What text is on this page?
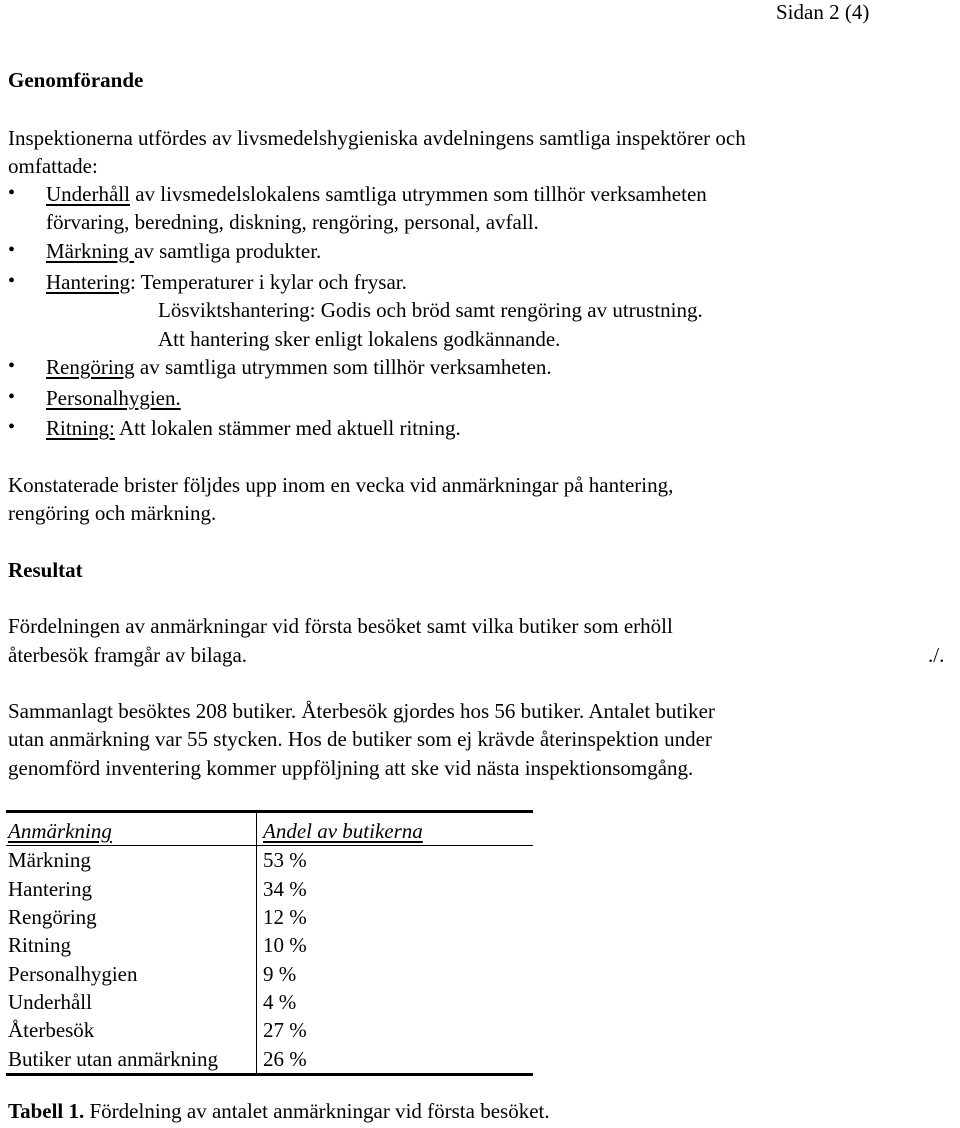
Sidan 2 (4)
Genomförande
Inspektionerna utfördes av livsmedelshygieniska avdelningens samtliga inspektörer och
omfattade:
• Underhåll av livsmedelslokalens samtliga utrymmen som tillhör verksamheten
förvaring, beredning, diskning, rengöring, personal, avfall.
• Märkning av samtliga produkter.
• Hantering: Temperaturer i kylar och frysar.
Lösviktshantering: Godis och bröd samt rengöring av utrustning.
Att hantering sker enligt lokalens godkännande.
• Rengöring av samtliga utrymmen som tillhör verksamheten.
• Personalhygien.
• Ritning: Att lokalen stämmer med aktuell ritning.
Konstaterade brister följdes upp inom en vecka vid anmärkningar på hantering,
rengöring och märkning.
Resultat
Fördelningen av anmärkningar vid första besöket samt vilka butiker som erhöll
återbesök framgår av bilaga.	./.
Sammanlagt besöktes 208 butiker. Återbesök gjordes hos 56 butiker. Antalet butiker
utan anmärkning var 55 stycken. Hos de butiker som ej krävde återinspektion under
genomförd inventering kommer uppföljning att ske vid nästa inspektionsomgång.
Anmärkning	Andel av butikerna
Märkning	53 %
Hantering	34 %
Rengöring	12 %
Ritning	10 %
Personalhygien	9 %
Underhåll	4 %
Återbesök	27 %
Butiker utan anmärkning	26 %
Tabell 1. Fördelning av antalet anmärkningar vid första besöket.
